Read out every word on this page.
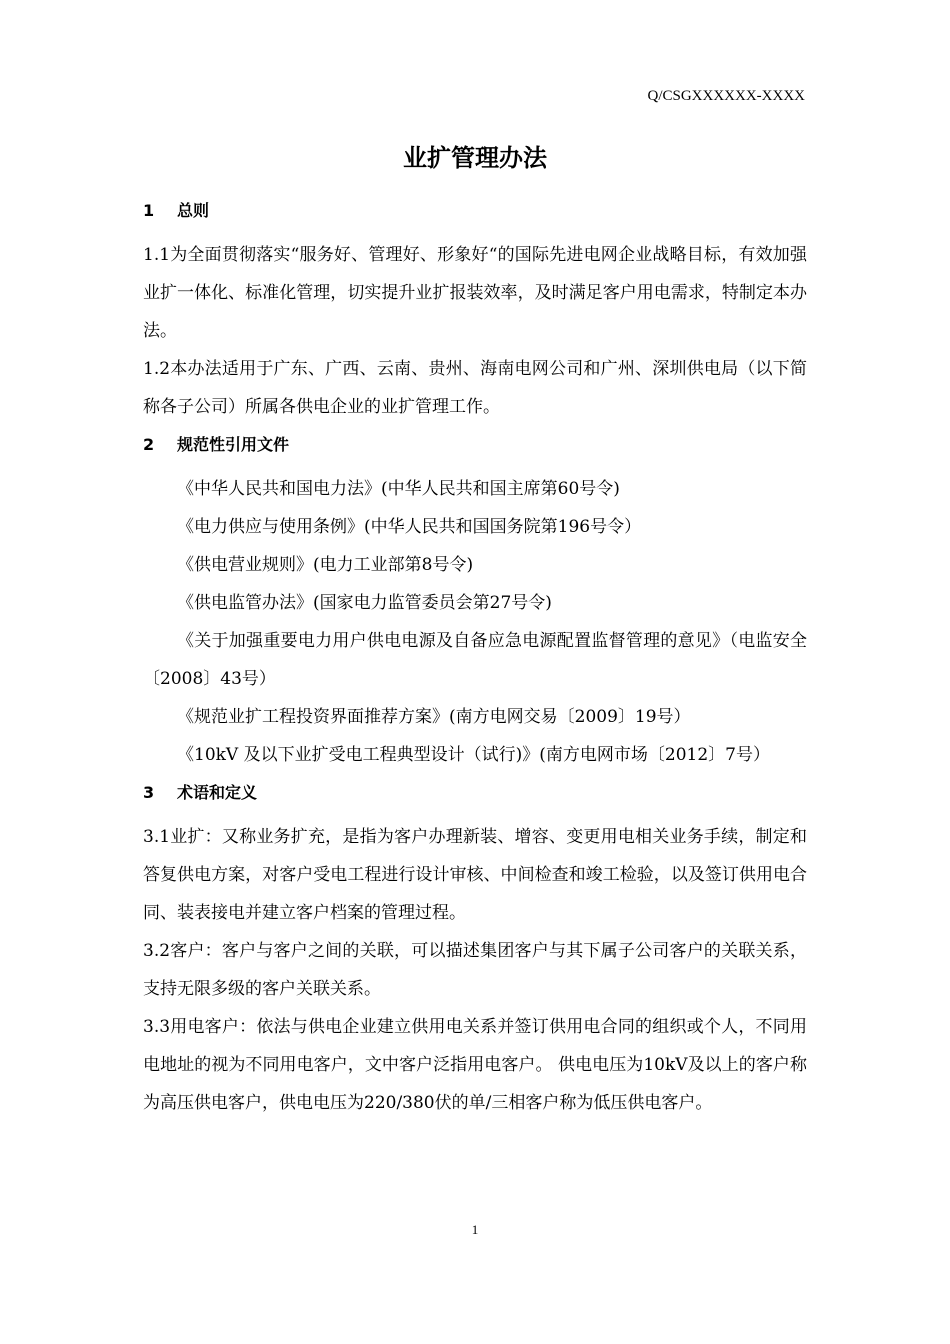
Q/CSGXXXXXX-XXXX
业扩管理办法
1 总则

1.1为全面贯彻落实“服务好、管理好、形象好“的国际先进电网企业战略目标，有效加强业扩一体化、标准化管理，切实提升业扩报装效率，及时满足客户用电需求，特制定本办法。

1.2本办法适用于广东、广西、云南、贵州、海南电网公司和广州、深圳供电局（以下简称各子公司）所属各供电企业的业扩管理工作。

2 规范性引用文件

《中华人民共和国电力法》(中华人民共和国主席第60号令)

《电力供应与使用条例》(中华人民共和国国务院第196号令）

《供电营业规则》(电力工业部第8号令)

《供电监管办法》(国家电力监管委员会第27号令)

《关于加强重要电力用户供电电源及自备应急电源配置监督管理的意见》（电监安全〔2008〕43号）

《规范业扩工程投资界面推荐方案》(南方电网交易〔2009〕19号）

《10kV 及以下业扩受电工程典型设计（试行)》(南方电网市场〔2012〕7号）

3 术语和定义

3.1业扩：又称业务扩充，是指为客户办理新装、增容、变更用电相关业务手续，制定和答复供电方案，对客户受电工程进行设计审核、中间检查和竣工检验，以及签订供用电合同、装表接电并建立客户档案的管理过程。

3.2客户：客户与客户之间的关联，可以描述集团客户与其下属子公司客户的关联关系，支持无限多级的客户关联关系。

3.3用电客户：依法与供电企业建立供用电关系并签订供用电合同的组织或个人，不同用电地址的视为不同用电客户，文中客户泛指用电客户。 供电电压为10kV及以上的客户称为高压供电客户，供电电压为220/380伏的单/三相客户称为低压供电客户。

1
